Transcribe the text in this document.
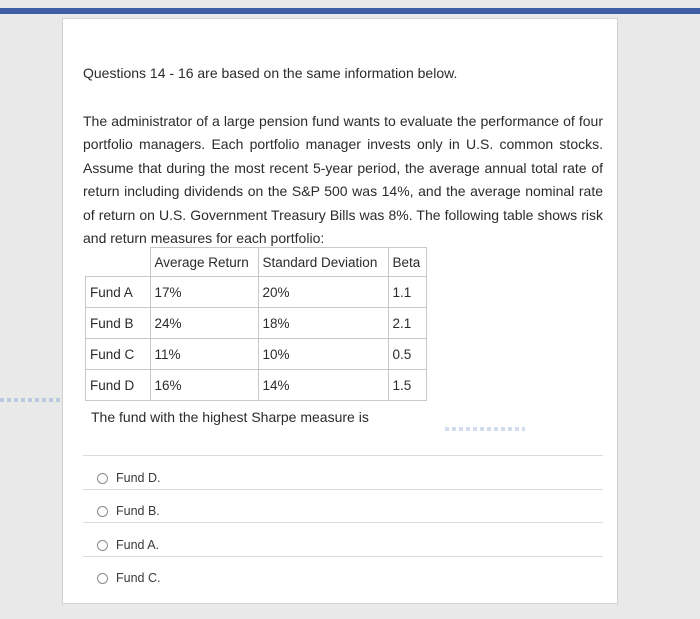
Questions 14 - 16 are based on the same information below.
The administrator of a large pension fund wants to evaluate the performance of four portfolio managers. Each portfolio manager invests only in U.S. common stocks. Assume that during the most recent 5-year period, the average annual total rate of return including dividends on the S&P 500 was 14%, and the average nominal rate of return on U.S. Government Treasury Bills was 8%. The following table shows risk and return measures for each portfolio:
	Average Return	Standard Deviation	Beta
Fund A	17%	20%	1.1
Fund B	24%	18%	2.1
Fund C	11%	10%	0.5
Fund D	16%	14%	1.5
The fund with the highest Sharpe measure is
Fund D.
Fund B.
Fund A.
Fund C.
